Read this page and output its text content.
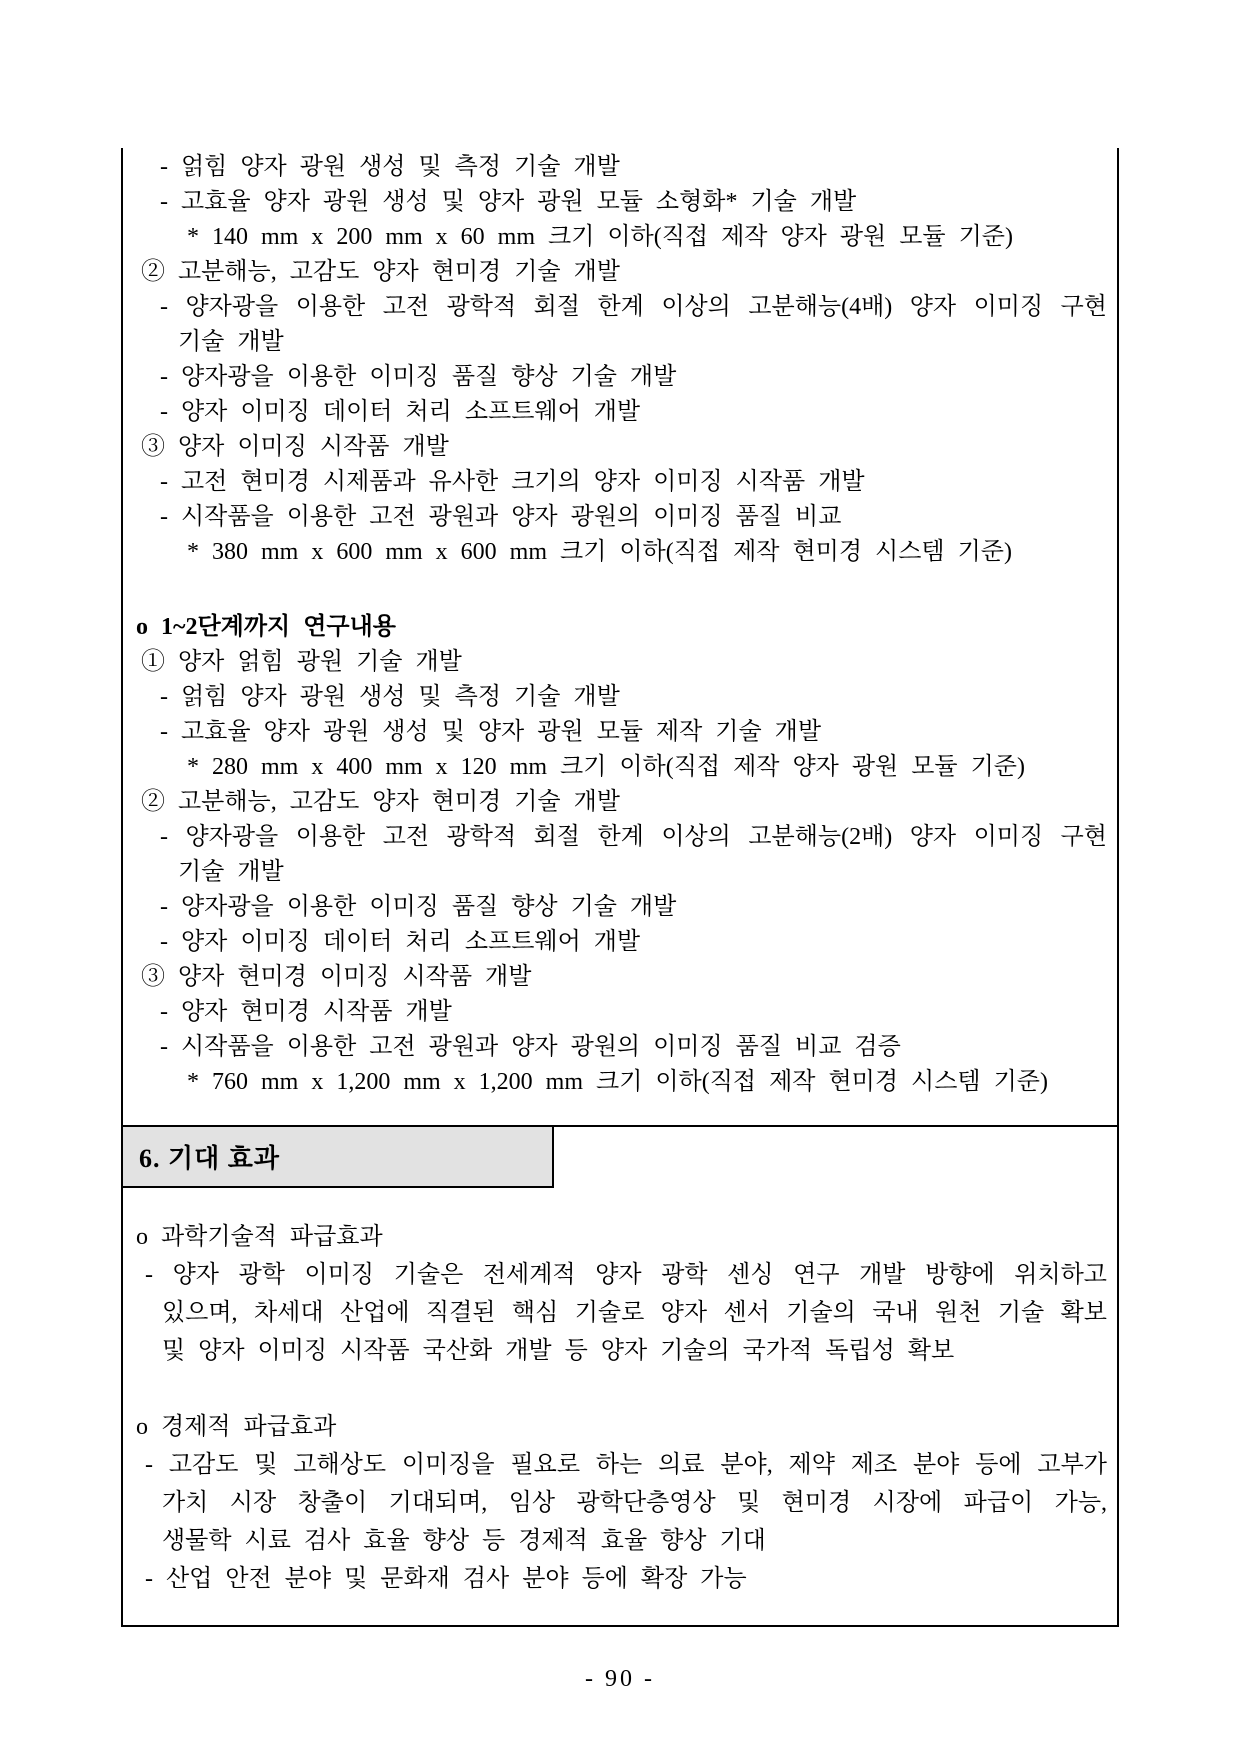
- 얽힘 양자 광원 생성 및 측정 기술 개발
- 고효율 양자 광원 생성 및 양자 광원 모듈 소형화* 기술 개발
* 140 mm x 200 mm x 60 mm 크기 이하(직접 제작 양자 광원 모듈 기준)
② 고분해능, 고감도 양자 현미경 기술 개발
- 양자광을 이용한 고전 광학적 회절 한계 이상의 고분해능(4배) 양자 이미징 구현
기술 개발
- 양자광을 이용한 이미징 품질 향상 기술 개발
- 양자 이미징 데이터 처리 소프트웨어 개발
③ 양자 이미징 시작품 개발
- 고전 현미경 시제품과 유사한 크기의 양자 이미징 시작품 개발
- 시작품을 이용한 고전 광원과 양자 광원의 이미징 품질 비교
* 380 mm x 600 mm x 600 mm 크기 이하(직접 제작 현미경 시스템 기준)
o 1~2단계까지 연구내용
① 양자 얽힘 광원 기술 개발
- 얽힘 양자 광원 생성 및 측정 기술 개발
- 고효율 양자 광원 생성 및 양자 광원 모듈 제작 기술 개발
* 280 mm x 400 mm x 120 mm 크기 이하(직접 제작 양자 광원 모듈 기준)
② 고분해능, 고감도 양자 현미경 기술 개발
- 양자광을 이용한 고전 광학적 회절 한계 이상의 고분해능(2배) 양자 이미징 구현
기술 개발
- 양자광을 이용한 이미징 품질 향상 기술 개발
- 양자 이미징 데이터 처리 소프트웨어 개발
③ 양자 현미경 이미징 시작품 개발
- 양자 현미경 시작품 개발
- 시작품을 이용한 고전 광원과 양자 광원의 이미징 품질 비교 검증
* 760 mm x 1,200 mm x 1,200 mm 크기 이하(직접 제작 현미경 시스템 기준)
6. 기대 효과
o 과학기술적 파급효과
- 양자 광학 이미징 기술은 전세계적 양자 광학 센싱 연구 개발 방향에 위치하고
있으며, 차세대 산업에 직결된 핵심 기술로 양자 센서 기술의 국내 원천 기술 확보
및 양자 이미징 시작품 국산화 개발 등 양자 기술의 국가적 독립성 확보
o 경제적 파급효과
- 고감도 및 고해상도 이미징을 필요로 하는 의료 분야, 제약 제조 분야 등에 고부가
가치 시장 창출이 기대되며, 임상 광학단층영상 및 현미경 시장에 파급이 가능,
생물학 시료 검사 효율 향상 등 경제적 효율 향상 기대
- 산업 안전 분야 및 문화재 검사 분야 등에 확장 가능
- 90 -
